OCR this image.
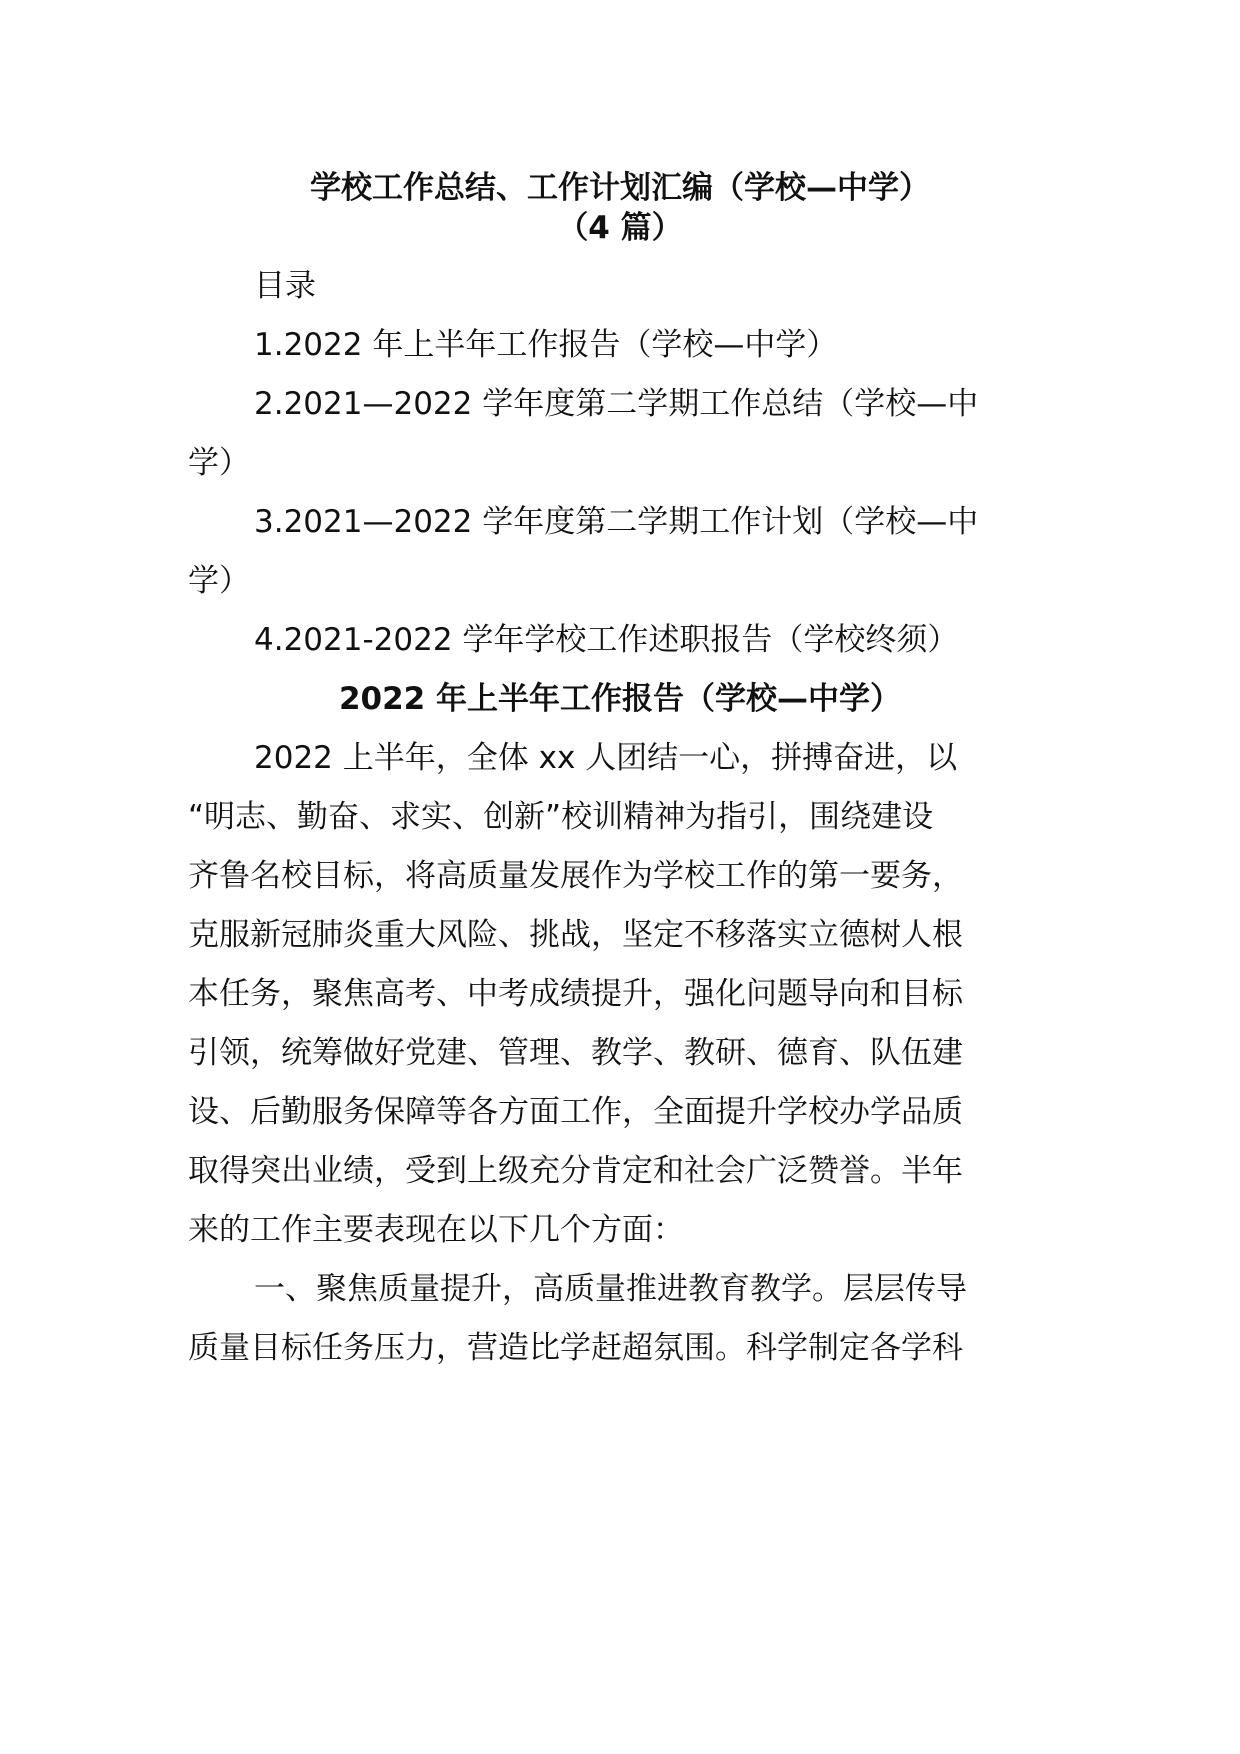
学校工作总结、工作计划汇编（学校—中学）
（4 篇）
目录
1.2022 年上半年工作报告（学校—中学）
2.2021—2022 学年度第二学期工作总结（学校—中
学）
3.2021—2022 学年度第二学期工作计划（学校—中
学）
4.2021-2022 学年学校工作述职报告（学校终须）
2022 年上半年工作报告（学校—中学）
2022 上半年，全体 xx 人团结一心，拼搏奋进，以
“明志、勤奋、求实、创新”校训精神为指引，围绕建设
齐鲁名校目标，将高质量发展作为学校工作的第一要务，
克服新冠肺炎重大风险、挑战，坚定不移落实立德树人根
本任务，聚焦高考、中考成绩提升，强化问题导向和目标
引领，统筹做好党建、管理、教学、教研、德育、队伍建
设、后勤服务保障等各方面工作，全面提升学校办学品质
取得突出业绩，受到上级充分肯定和社会广泛赞誉。半年
来的工作主要表现在以下几个方面：
一、聚焦质量提升，高质量推进教育教学。层层传导
质量目标任务压力，营造比学赶超氛围。科学制定各学科
